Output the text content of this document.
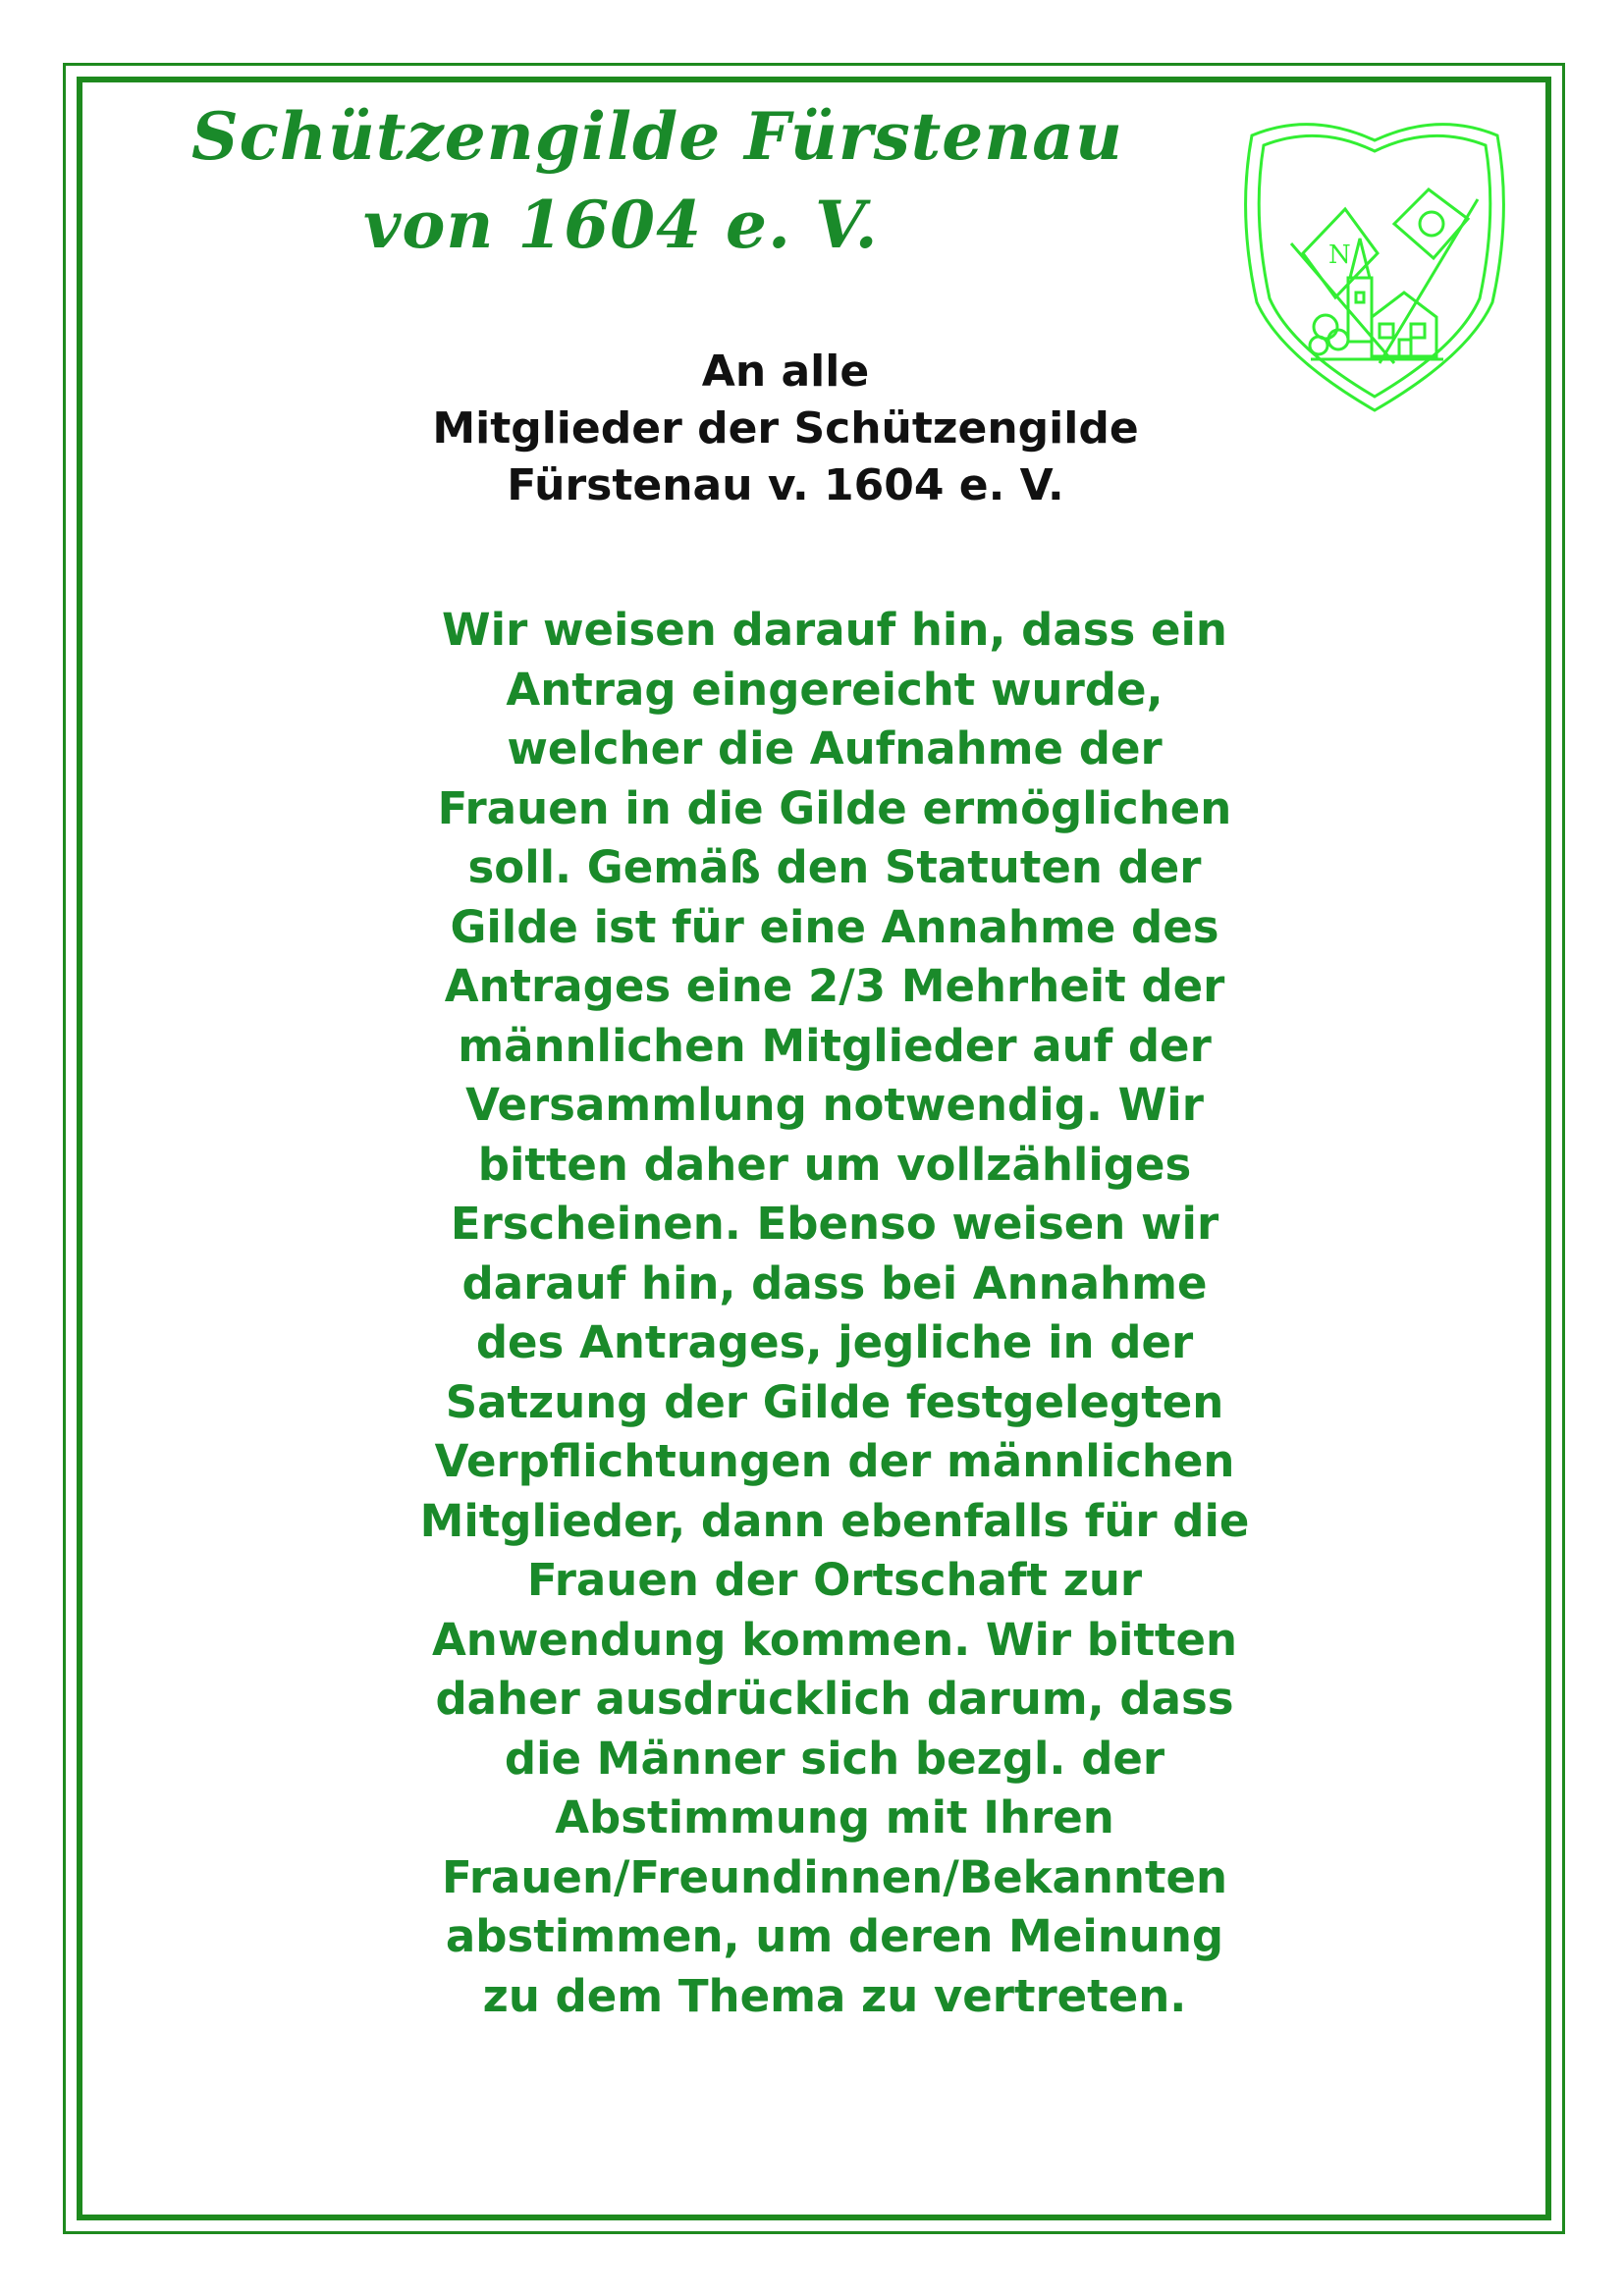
Schützengilde Fürstenau
von 1604 e. V.	N
An alle
Mitglieder der Schützengilde
Fürstenau v. 1604 e. V.
Wir weisen darauf hin, dass ein
Antrag eingereicht wurde,
welcher die Aufnahme der
Frauen in die Gilde ermöglichen
soll. Gemäß den Statuten der
Gilde ist für eine Annahme des
Antrages eine 2/3 Mehrheit der
männlichen Mitglieder auf der
Versammlung notwendig. Wir
bitten daher um vollzähliges
Erscheinen. Ebenso weisen wir
darauf hin, dass bei Annahme
des Antrages, jegliche in der
Satzung der Gilde festgelegten
Verpflichtungen der männlichen
Mitglieder, dann ebenfalls für die
Frauen der Ortschaft zur
Anwendung kommen. Wir bitten
daher ausdrücklich darum, dass
die Männer sich bezgl. der
Abstimmung mit Ihren
Frauen/Freundinnen/Bekannten
abstimmen, um deren Meinung
zu dem Thema zu vertreten.
